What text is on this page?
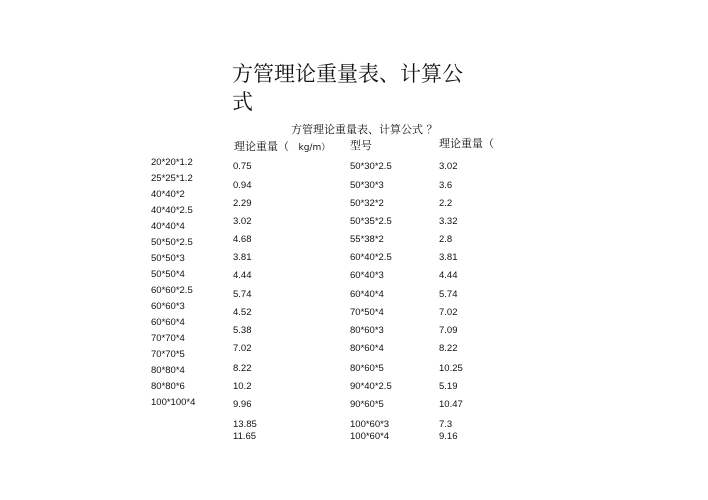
方管理论重量表、计算公
式
方管理论重量表、计算公式 ？
理论重量（ kg/m） 型号	理论重量（
20*20*1.2
25*25*1.2
40*40*2
40*40*2.5
40*40*4
50*50*2.5
50*50*3
50*50*4
60*60*2.5
60*60*3
60*60*4
70*70*4
70*70*5
80*80*4
80*80*6
100*100*4
0.75
0.94
2.29
3.02
4.68
3.81
4.44
5.74
4.52
5.38
7.02
8.22
10.2
9.96
13.85
11.65
50*30*2.5
50*30*3
50*32*2
50*35*2.5
55*38*2
60*40*2.5
60*40*3
60*40*4
70*50*4
80*60*3
80*60*4
80*60*5
90*40*2.5
90*60*5
100*60*3
100*60*4
3.02
3.6
2.2
3.32
2.8
3.81
4.44
5.74
7.02
7.09
8.22
10.25
5.19
10.47
7.3
9.16
